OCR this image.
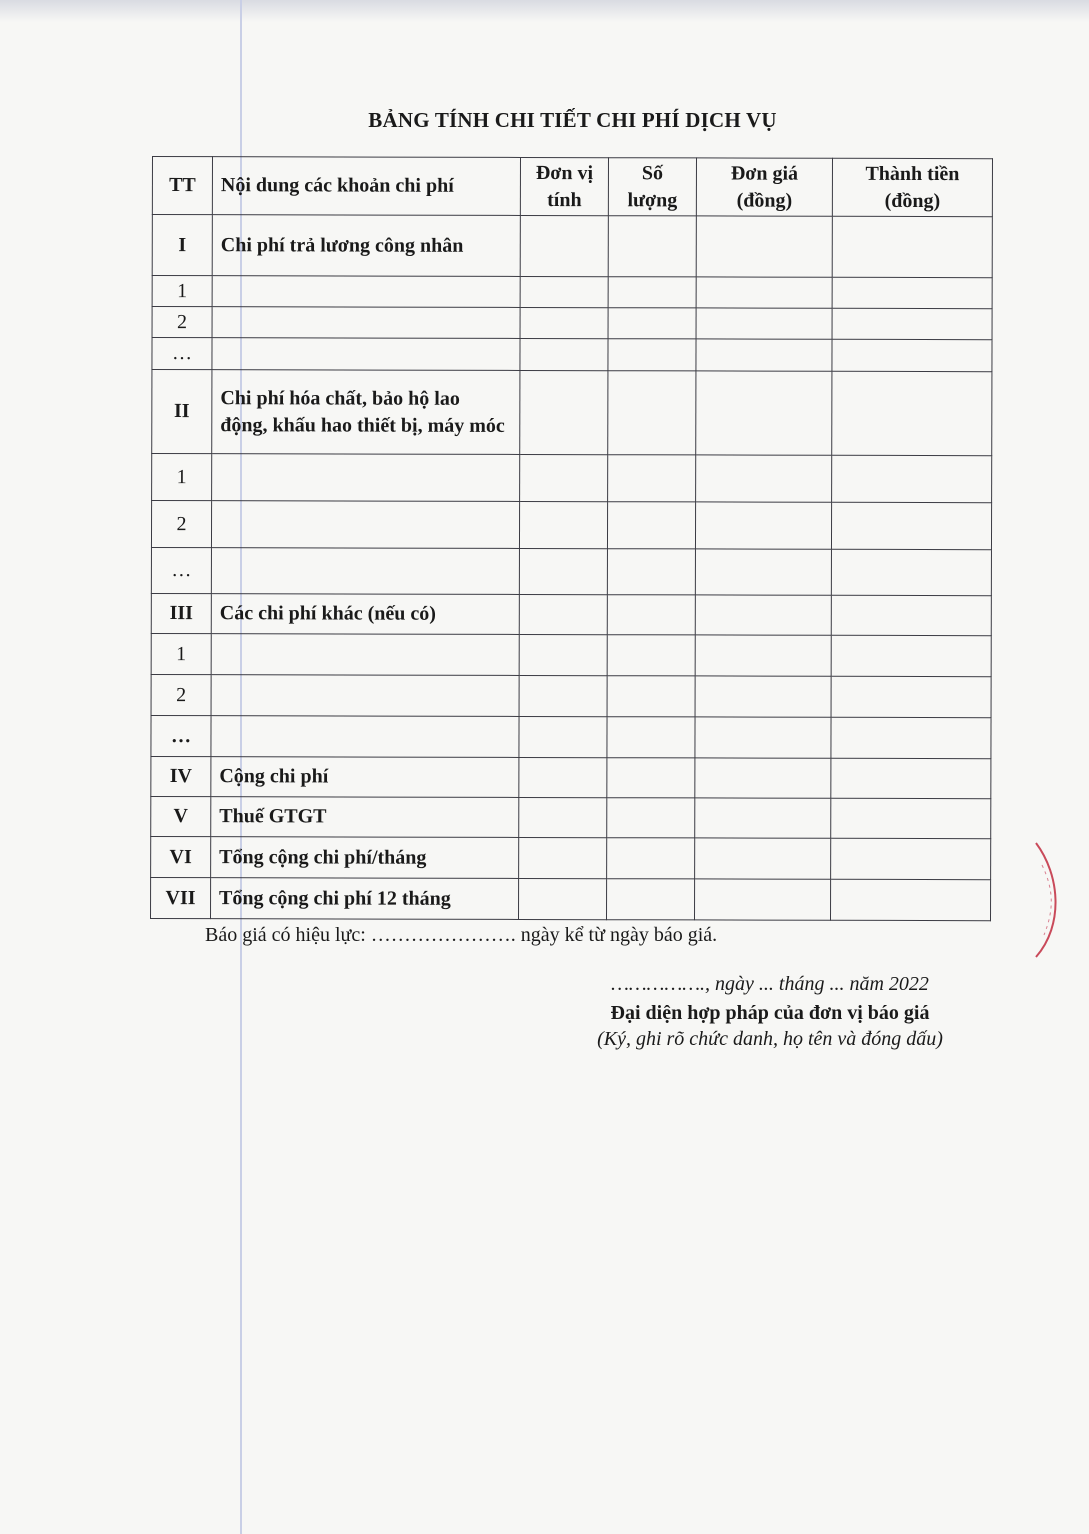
BẢNG TÍNH CHI TIẾT CHI PHÍ DỊCH VỤ
TT	Nội dung các khoản chi phí	Đơn vị tính	Số lượng	Đơn giá (đồng)	Thành tiền (đồng)
I	Chi phí trả lương công nhân				
1					
2					
…					
II	Chi phí hóa chất, bảo hộ lao động, khấu hao thiết bị, máy móc				
1					
2					
…					
III	Các chi phí khác (nếu có)				
1					
2					
…					
IV	Cộng chi phí				
V	Thuế GTGT				
VI	Tổng cộng chi phí/tháng				
VII	Tổng cộng chi phí 12 tháng				
Báo giá có hiệu lực: …………………. ngày kể từ ngày báo giá.
……………., ngày ... tháng ... năm 2022
Đại diện hợp pháp của đơn vị báo giá
(Ký, ghi rõ chức danh, họ tên và đóng dấu)
